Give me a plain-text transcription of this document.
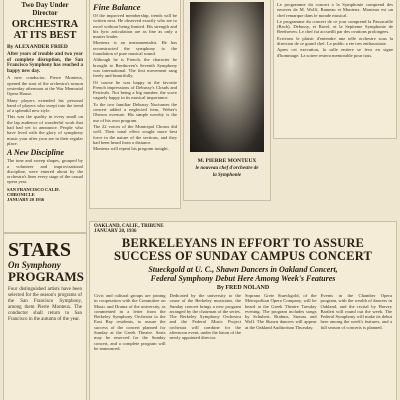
Two Day Under
Director
ORCHESTRA AT ITS BEST
By ALEXANDER FRIED
After years of trouble and two year of complete disruption, the San Francisco Symphony has reached a happy new day.
A new conductor, Pierre Monteux, opened the start of the orchestra's season yesterday afternoon at the War Memorial Opera House.
Many players extended his personal band of players who swept into the trend of a splendid new style.
This was the quality in every small on the lap audience of wonderful work that had had yet to announce. People who have lived with the glory of symphony music your after your are in their regular place.
A New Discipline
The tone and sweep shapes, grouped by a volunteer and improvisational discipline, were entered about by the orchestra's lines every stage of the casual opera year.
SAN FRANCISCO CALIF.
CHRONICLE
JANUARY 20 1936
STARS
On Symphony
PROGRAMS
Four distinguished artists have been selected for the season's programs of the San Francisco Symphony, among them Pierre Monteux. The conductor shall return to San Francisco in the autumn of the year.
Fine Balance
Of the improved membership, trends will be written next. He observed exactly who are to excel without being limited. His strength and his lyric articulation are as fine as only a master leader.
Monteux is an instrumentalist. He has reconstructed the symphony to the foundation of pure musical sound.
Although he is French, the character he brought to Beethoven's Seventh Symphony was international. The first movement sang freely and beautifully.
Of course he was happy in the favorite French impressions of Debussy's Clouds and Festivals. Not being a big number, the score vaguely happy in its musical importance.
To the two familiar Debussy Nocturnes the concert added a neglected item, Weber's Oberon overture. His simple novelty is the use of his own program.
The 22 voices of the Municipal Chorus did well. Their tonal effect sought more best force in the nature of the sections, and they had been heard from a distance.
Monteux will repeat his program tonight.
M. PIERRE MONTEUX
le nouveau chef d'orchestre de
la Symphonie
Le programme du concert a la Symphonie comprend des oeuvres de M. Wolff, Rameau et Monteux. Monteux est un chef remarque dans le monde musical.
Le programme du concert de ce jour comprend la Passacaille (Bach), Debussy, et Ravel, et la Septieme Symphonie de Beethoven. Le chef fut accueilli par des ovations prolongees.
Ecrivons le plaisir d'entendre une telle orchestre sous la direction de ce grand chef. Le public a ete tres enthousiaste.
Apres cet execution, la salle entiere se leva en signe d'hommage. La soiree restera memorable pour tous.
OAKLAND, CALIF., TRIBUNE
JANUARY 20, 1936
BERKELEYANS IN EFFORT TO ASSURE
SUCCESS OF SUNDAY CAMPUS CONCERT
Stueckgold at U. C., Shawn Dancers in Oakland Concert,
Federal Symphony Debut Here Among Week's Features
By FRED NOLAND
Civic and cultural groups are joining in cooperation with the Committee on Music and Drama of the university, as commented in a letter from the Berkeley Symphony Orchestra to the East Bay residents, to assure the success of the concert planned for Sunday at the Greek Theatre. Seats may be reserved for the Sunday concert, and a complete program will be announced.
Dedicated by the university to the cause of the Berkeley musicians, the Sunday concert brings a new program arranged by the chairman of the series. The Berkeley Symphony Orchestra and the Federal Music Project orchestra will combine for the afternoon event, under the baton of the newly appointed director.
Soprano Grete Stueckgold, of the Metropolitan Opera Company, will be heard at the Greek Theatre Tuesday evening. The program includes songs by Schubert, Brahms, Strauss and Wolf. The Shawn dancers will appear at the Oakland Auditorium Thursday.
Events in the Chamber Opera program, with the wealth of dancers in Oakland, and the recital by Harvey Bartlett will round out the week. The Federal Symphony will make its debut here among the week's features, and a full season of concerts is planned.
